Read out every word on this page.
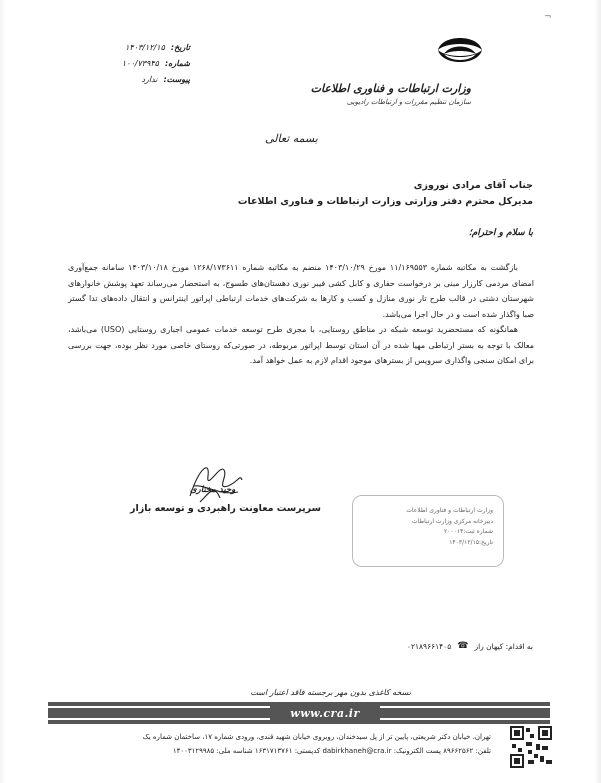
¬
وزارت ارتباطات و فناوری اطلاعات
سازمان تنظیم مقررات و ارتباطات رادیویی
تاریخ:
۱۴۰۳/۱۲/۱۵
شماره:
۱۰۰/۷۳۹۴۵
پیوست:
ندارد
بسمه تعالی
جناب آقای مرادی نوروزی
مدیرکل محترم دفتر وزارتی وزارت ارتباطات و فناوری اطلاعات
با سلام و احترام؛

بازگشت به مکاتبه شماره ۱۱/۱۶۹۵۵۳ مورخ ۱۴۰۳/۱۰/۲۹ منضم به مکاتبه شماره ۱۲۶۸/۱۷۳۶۱۱ مورخ ۱۴۰۳/۱۰/۱۸ سامانه جمع‌آوری امضای مردمی کارزار مبنی بر درخواست حفاری و کابل کشی فیبر نوری دهستان‌های طسوج، به استحضار می‌رساند تعهد پوشش خانوارهای شهرستان دشتی در قالب طرح تار نوری منازل و کسب و کارها به شرکت‌های خدمات ارتباطی اپراتور اینترانس و انتقال داده‌های تدا گستر صبا واگذار شده است و در حال اجرا می‌باشد.

همانگونه که مستحضرید توسعه شبکه در مناطق روستایی، با مجری طرح توسعه خدمات عمومی اجباری روستایی (USO) می‌باشد، معالک با توجه به بستر ارتباطی مهیا شده در آن استان توسط اپراتور مربوطه، در صورتی‌که روستای خاصی مورد نظر بوده، جهت بررسی برای امکان سنجی واگذاری سرویس از بسترهای موجود اقدام لازم به عمل خواهد آمد.

وحید مختاری
سرپرست معاونت راهبردی و توسعه بازار	وزارت ارتباطات و فناوری اطلاعات
دبیرخانه مرکزی وزارت ارتباطات
شماره ثبت:۲۰۰۰۱۴
تاریخ:۱۴۰۳/۱۲/۱۵
به اقدام: کیهان راز
☎
۰۲۱۸۹۶۶۱۴۰۵
نسخه کاغذی بدون مهر برجسته فاقد اعتبار است
www.cra.ir
تهران، خیابان دکتر شریعتی، پایین تر از پل سیدخندان، روبروی خیابان شهید قندی، ورودی شماره ۱۷، ساختمان شماره یک
تلفن: ۸۹۶۶۲۵۶۲ پست الکترونیک: dabirkhaneh@cra.ir کدپستی: ۱۶۳۱۷۱۳۷۶۱ شناسه ملی: ۱۴۰۰۳۱۲۹۹۸۵
